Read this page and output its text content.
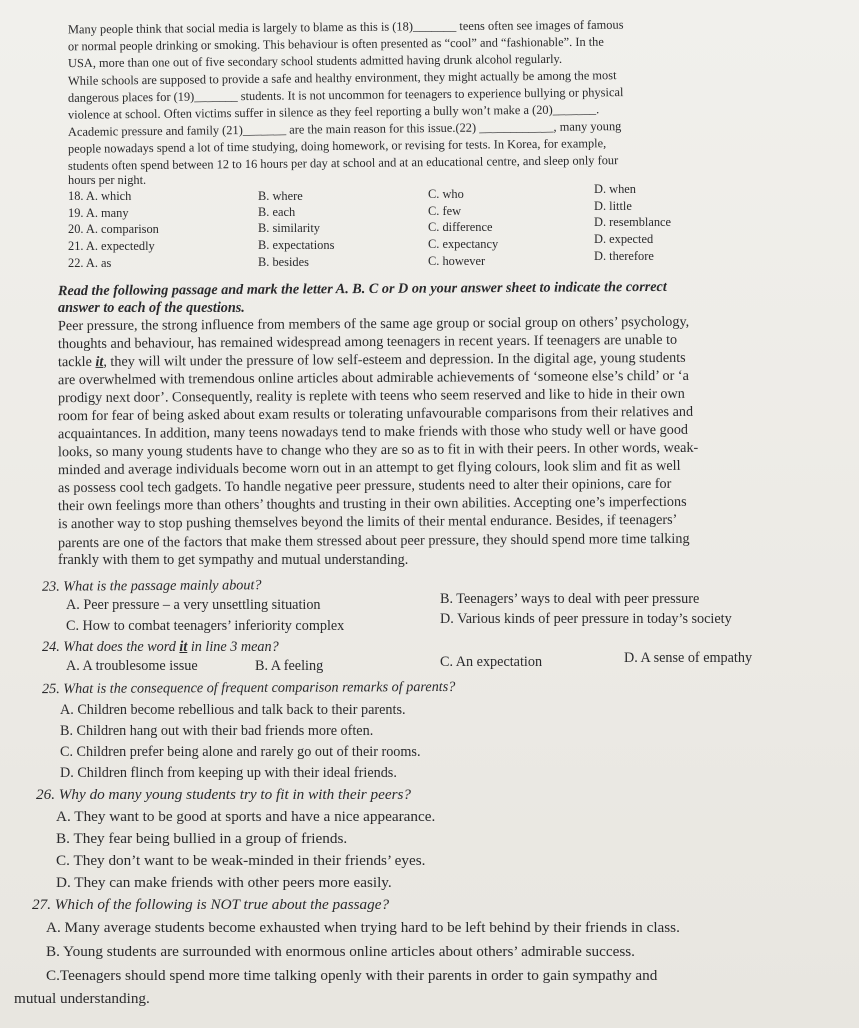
Many people think that social media is largely to blame as this is (18)_______ teens often see images of famous
or normal people drinking or smoking. This behaviour is often presented as “cool” and “fashionable”. In the
USA, more than one out of five secondary school students admitted having drunk alcohol regularly.
While schools are supposed to provide a safe and healthy environment, they might actually be among the most
dangerous places for (19)_______ students. It is not uncommon for teenagers to experience bullying or physical
violence at school. Often victims suffer in silence as they feel reporting a bully won’t make a (20)_______.
Academic pressure and family (21)_______ are the main reason for this issue.(22) ____________, many young
people nowadays spend a lot of time studying, doing homework, or revising for tests. In Korea, for example,
students often spend between 12 to 16 hours per day at school and at an educational centre, and sleep only four
hours per night.
18. A. which	B. where	C. who	D. when
19. A. many	B. each	C. few	D. little
20. A. comparison	B. similarity	C. difference	D. resemblance
21. A. expectedly	B. expectations	C. expectancy	D. expected
22. A. as	B. besides	C. however	D. therefore
Read the following passage and mark the letter A. B. C or D on your answer sheet to indicate the correct
answer to each of the questions.
Peer pressure, the strong influence from members of the same age group or social group on others’ psychology,
thoughts and behaviour, has remained widespread among teenagers in recent years. If teenagers are unable to
tackle it, they will wilt under the pressure of low self-esteem and depression. In the digital age, young students
are overwhelmed with tremendous online articles about admirable achievements of ‘someone else’s child’ or ‘a
prodigy next door’. Consequently, reality is replete with teens who seem reserved and like to hide in their own
room for fear of being asked about exam results or tolerating unfavourable comparisons from their relatives and
acquaintances. In addition, many teens nowadays tend to make friends with those who study well or have good
looks, so many young students have to change who they are so as to fit in with their peers. In other words, weak-
minded and average individuals become worn out in an attempt to get flying colours, look slim and fit as well
as possess cool tech gadgets. To handle negative peer pressure, students need to alter their opinions, care for
their own feelings more than others’ thoughts and trusting in their own abilities. Accepting one’s imperfections
is another way to stop pushing themselves beyond the limits of their mental endurance. Besides, if teenagers’
parents are one of the factors that make them stressed about peer pressure, they should spend more time talking
frankly with them to get sympathy and mutual understanding.
23. What is the passage mainly about?
A. Peer pressure – a very unsettling situation	B. Teenagers’ ways to deal with peer pressure
C. How to combat teenagers’ inferiority complex	D. Various kinds of peer pressure in today’s society
24. What does the word it in line 3 mean?
A. A troublesome issue	B. A feeling	C. An expectation	D. A sense of empathy
25. What is the consequence of frequent comparison remarks of parents?
A. Children become rebellious and talk back to their parents.
B. Children hang out with their bad friends more often.
C. Children prefer being alone and rarely go out of their rooms.
D. Children flinch from keeping up with their ideal friends.
26. Why do many young students try to fit in with their peers?
A. They want to be good at sports and have a nice appearance.
B. They fear being bullied in a group of friends.
C. They don’t want to be weak-minded in their friends’ eyes.
D. They can make friends with other peers more easily.
27. Which of the following is NOT true about the passage?
A. Many average students become exhausted when trying hard to be left behind by their friends in class.
B. Young students are surrounded with enormous online articles about others’ admirable success.
C.Teenagers should spend more time talking openly with their parents in order to gain sympathy and
mutual understanding.
